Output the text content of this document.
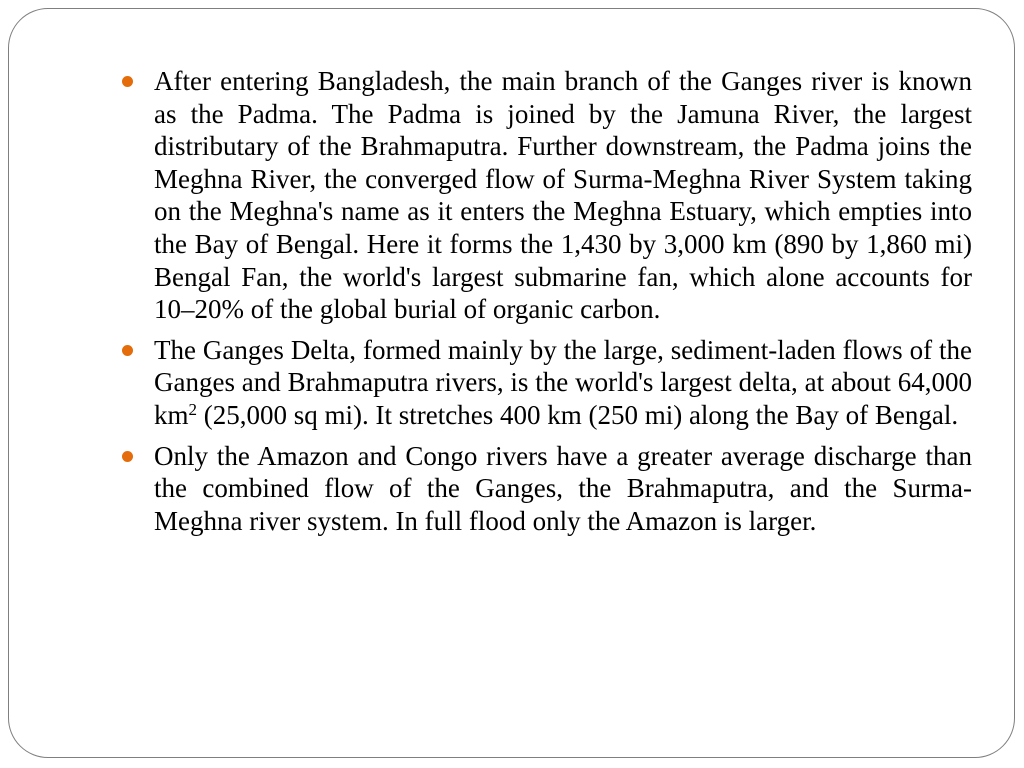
After entering Bangladesh, the main branch of the Ganges river is known as the Padma. The Padma is joined by the Jamuna River, the largest distributary of the Brahmaputra. Further downstream, the Padma joins the Meghna River, the converged flow of Surma-Meghna River System taking on the Meghna's name as it enters the Meghna Estuary, which empties into the Bay of Bengal. Here it forms the 1,430 by 3,000 km (890 by 1,860 mi) Bengal Fan, the world's largest submarine fan, which alone accounts for 10–20% of the global burial of organic carbon.
The Ganges Delta, formed mainly by the large, sediment-laden flows of the Ganges and Brahmaputra rivers, is the world's largest delta, at about 64,000 $km^2$ (25,000 sq mi). It stretches 400 km (250 mi) along the Bay of Bengal.
Only the Amazon and Congo rivers have a greater average discharge than the combined flow of the Ganges, the Brahmaputra, and the Surma-Meghna river system. In full flood only the Amazon is larger.
